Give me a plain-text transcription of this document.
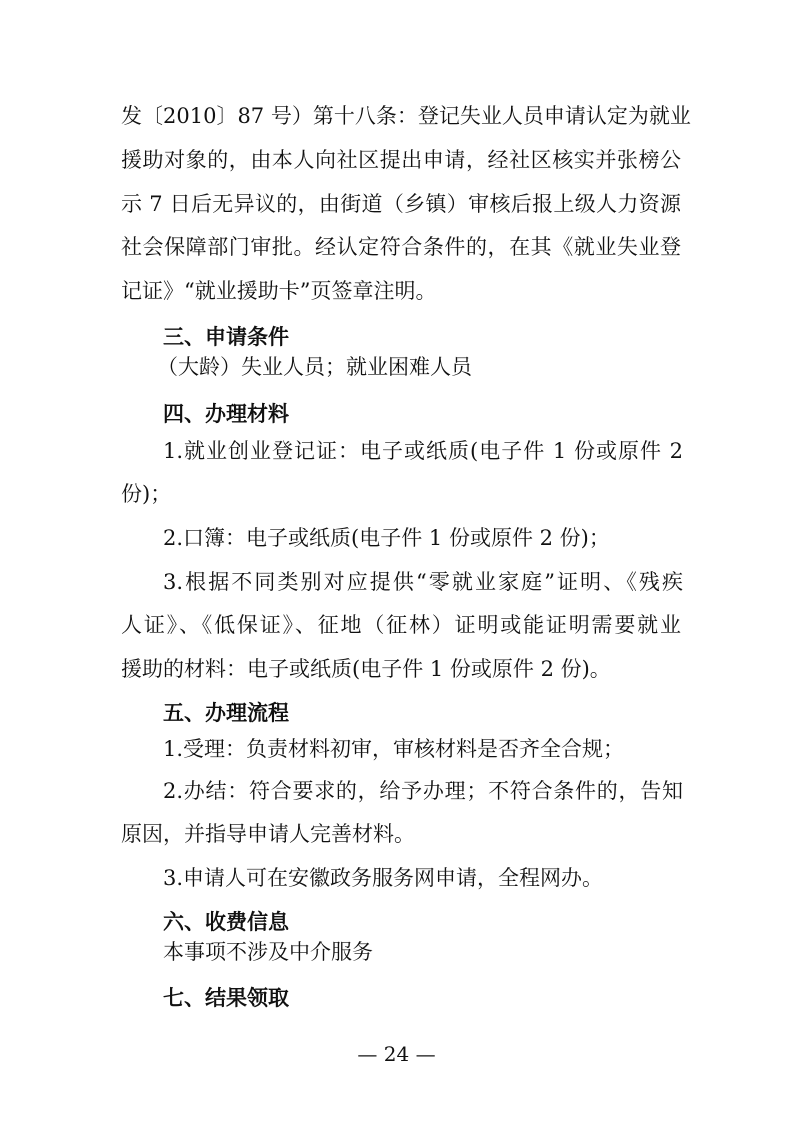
发〔2010〕87 号）第十八条：登记失业人员申请认定为就业
援助对象的，由本人向社区提出申请，经社区核实并张榜公
示 7 日后无异议的，由街道（乡镇）审核后报上级人力资源
社会保障部门审批。经认定符合条件的，在其《就业失业登
记证》“就业援助卡”页签章注明。
三、申请条件
（大龄）失业人员；就业困难人员
四、办理材料
1.就业创业登记证：电子或纸质(电子件 1 份或原件 2
份)；
2.口簿：电子或纸质(电子件 1 份或原件 2 份)；
3.根据不同类别对应提供“零就业家庭”证明、《残疾
人证》、《低保证》、征地（征林）证明或能证明需要就业
援助的材料：电子或纸质(电子件 1 份或原件 2 份)。
五、办理流程
1.受理：负责材料初审，审核材料是否齐全合规；
2.办结：符合要求的，给予办理；不符合条件的，告知
原因，并指导申请人完善材料。
3.申请人可在安徽政务服务网申请，全程网办。
六、收费信息
本事项不涉及中介服务
七、结果领取
— 24 —
